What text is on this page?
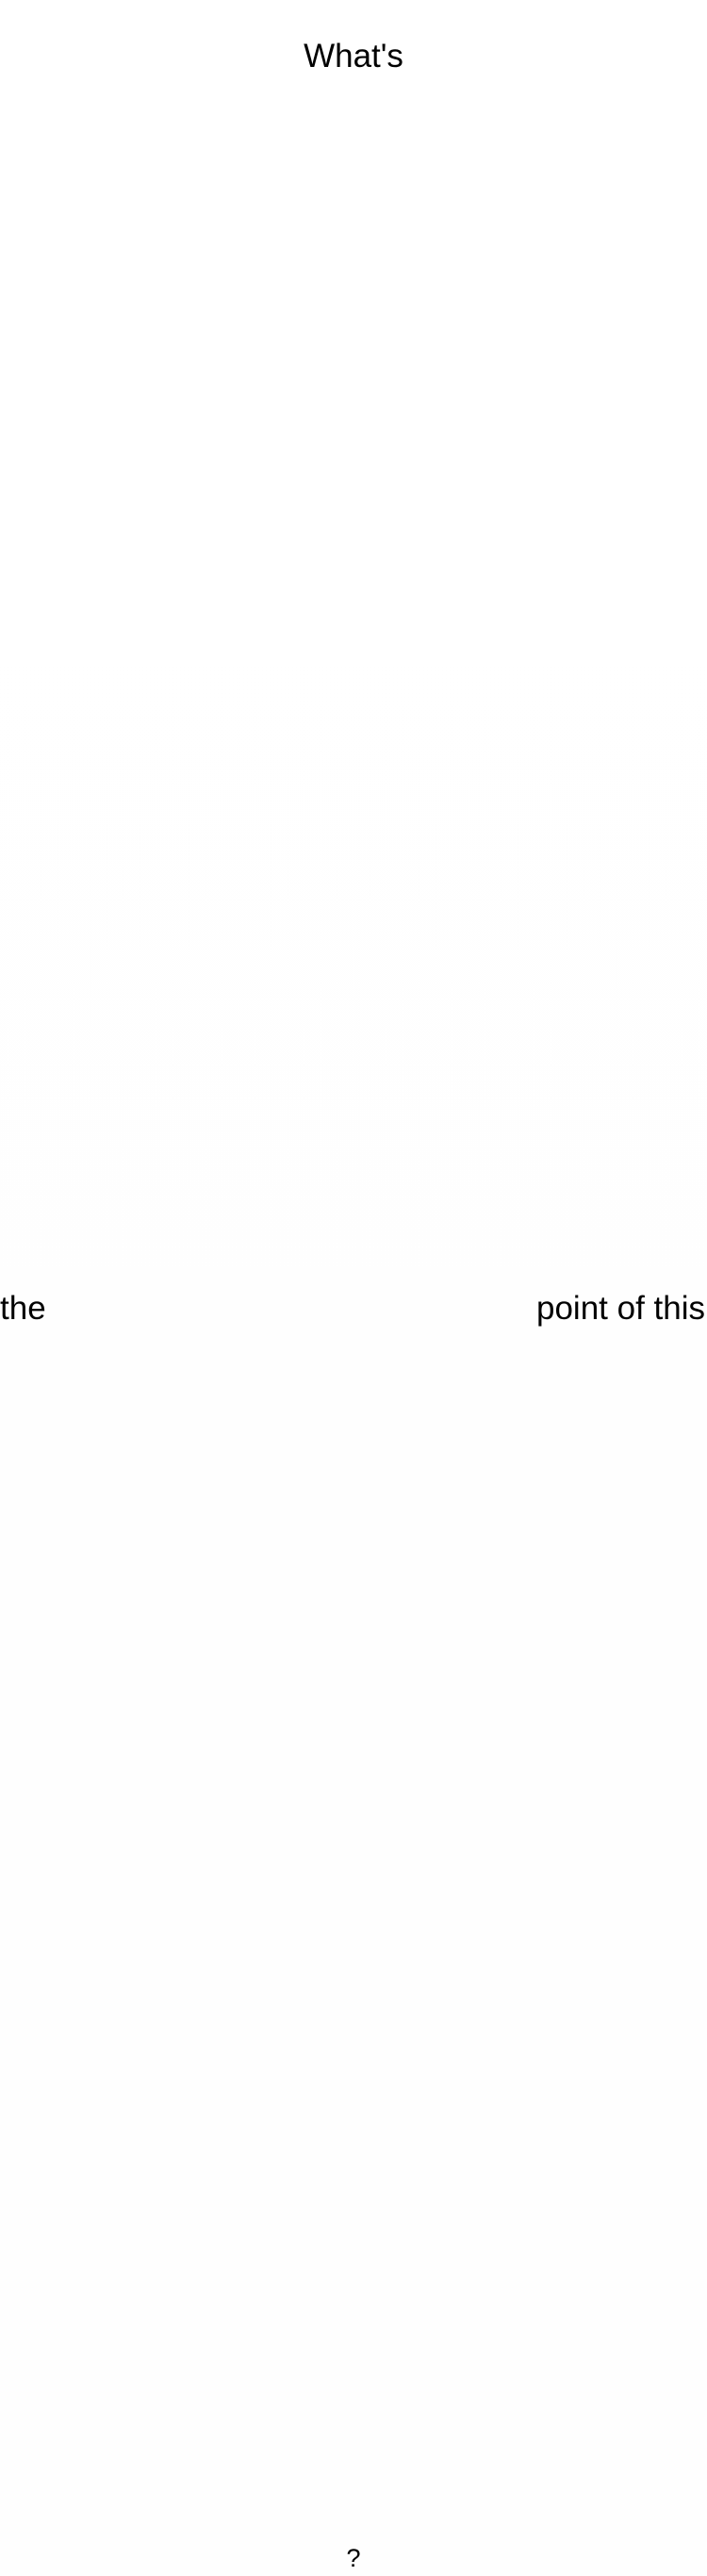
What's
the	point of this
?
